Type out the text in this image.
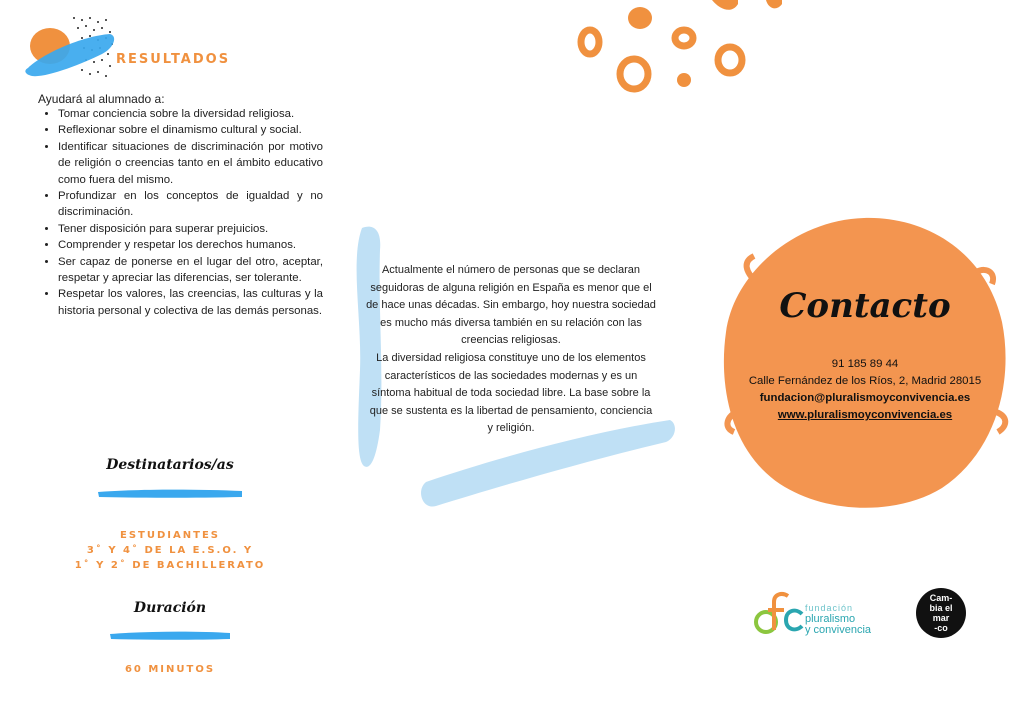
RESULTADOS
Ayudará al alumnado a:
• Tomar conciencia sobre la diversidad religiosa.
• Reflexionar sobre el dinamismo cultural y social.
• Identificar situaciones de discriminación por motivo de religión o creencias tanto en el ámbito educativo como fuera del mismo.
• Profundizar en los conceptos de igualdad y no discriminación.
• Tener disposición para superar prejuicios.
• Comprender y respetar los derechos humanos.
• Ser capaz de ponerse en el lugar del otro, aceptar, respetar y apreciar las diferencias, ser tolerante.
• Respetar los valores, las creencias, las culturas y la historia personal y colectiva de las demás personas.
Destinatarios/as
ESTUDIANTES
3˚ Y 4˚ DE LA E.S.O. Y
1˚ Y 2˚ DE BACHILLERATO
Duración
60 MINUTOS
Actualmente el número de personas que se declaran seguidoras de alguna religión en España es menor que el de hace unas décadas. Sin embargo, hoy nuestra sociedad es mucho más diversa también en su relación con las creencias religiosas.
La diversidad religiosa constituye uno de los elementos característicos de las sociedades modernas y es un síntoma habitual de toda sociedad libre. La base sobre la que se sustenta es la libertad de pensamiento, conciencia y religión.
Contacto
91 185 89 44
Calle Fernández de los Ríos, 2, Madrid 28015
fundacion@pluralismoyconvivencia.es
www.pluralismoyconvivencia.es
fundación
pluralismo
y convivencia
Cam-
bia el
mar
-co
